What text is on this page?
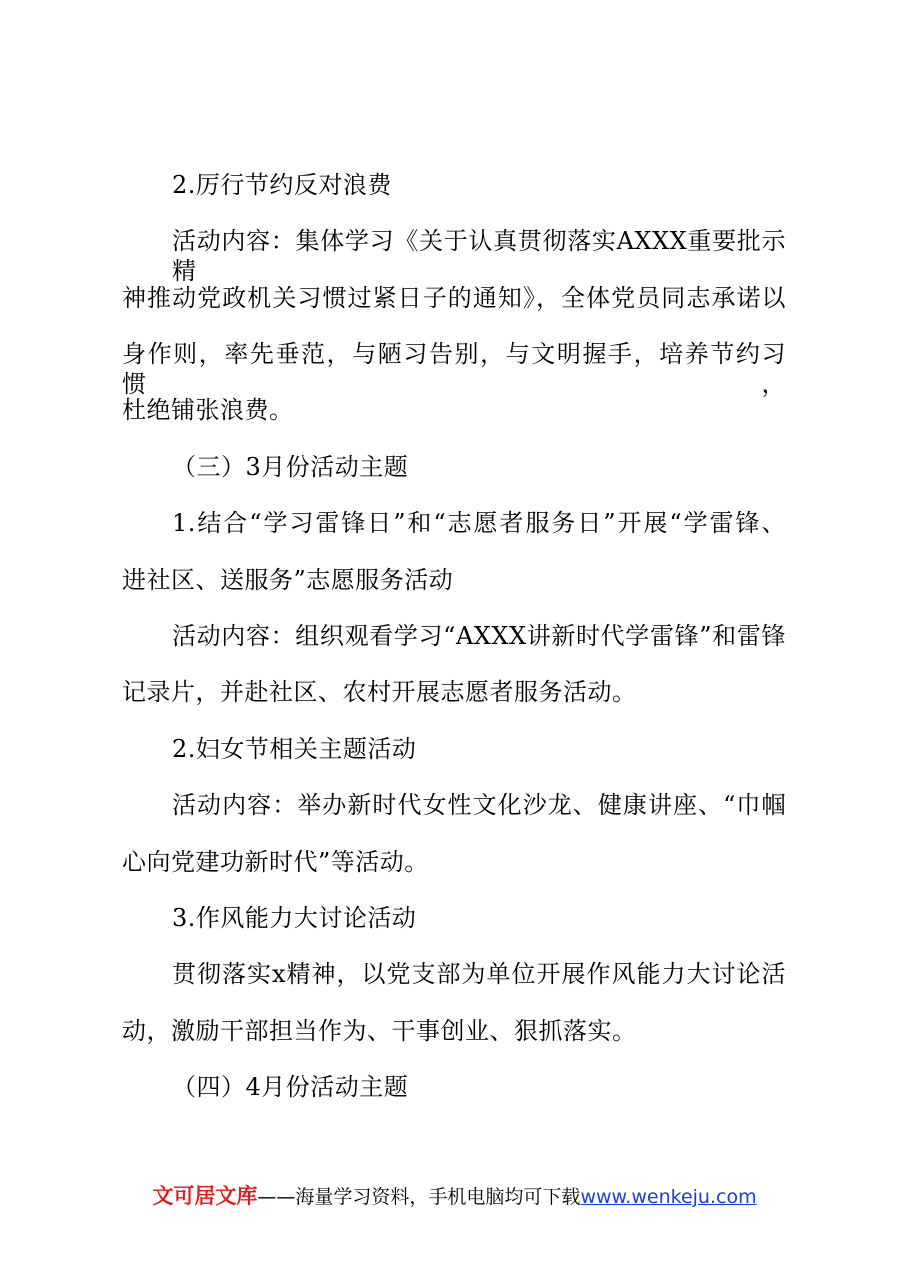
2.厉行节约反对浪费
活动内容：集体学习《关于认真贯彻落实AXXX重要批示精
神推动党政机关习惯过紧日子的通知》，全体党员同志承诺以
身作则，率先垂范，与陋习告别，与文明握手，培养节约习惯，
杜绝铺张浪费。
（三）3月份活动主题
1.结合“学习雷锋日”和“志愿者服务日”开展“学雷锋、
进社区、送服务”志愿服务活动
活动内容：组织观看学习“AXXX讲新时代学雷锋”和雷锋
记录片，并赴社区、农村开展志愿者服务活动。
2.妇女节相关主题活动
活动内容：举办新时代女性文化沙龙、健康讲座、“巾帼
心向党建功新时代”等活动。
3.作风能力大讨论活动
贯彻落实x精神，以党支部为单位开展作风能力大讨论活
动，激励干部担当作为、干事创业、狠抓落实。
（四）4月份活动主题
文可居文库——海量学习资料，手机电脑均可下载www.wenkeju.com
